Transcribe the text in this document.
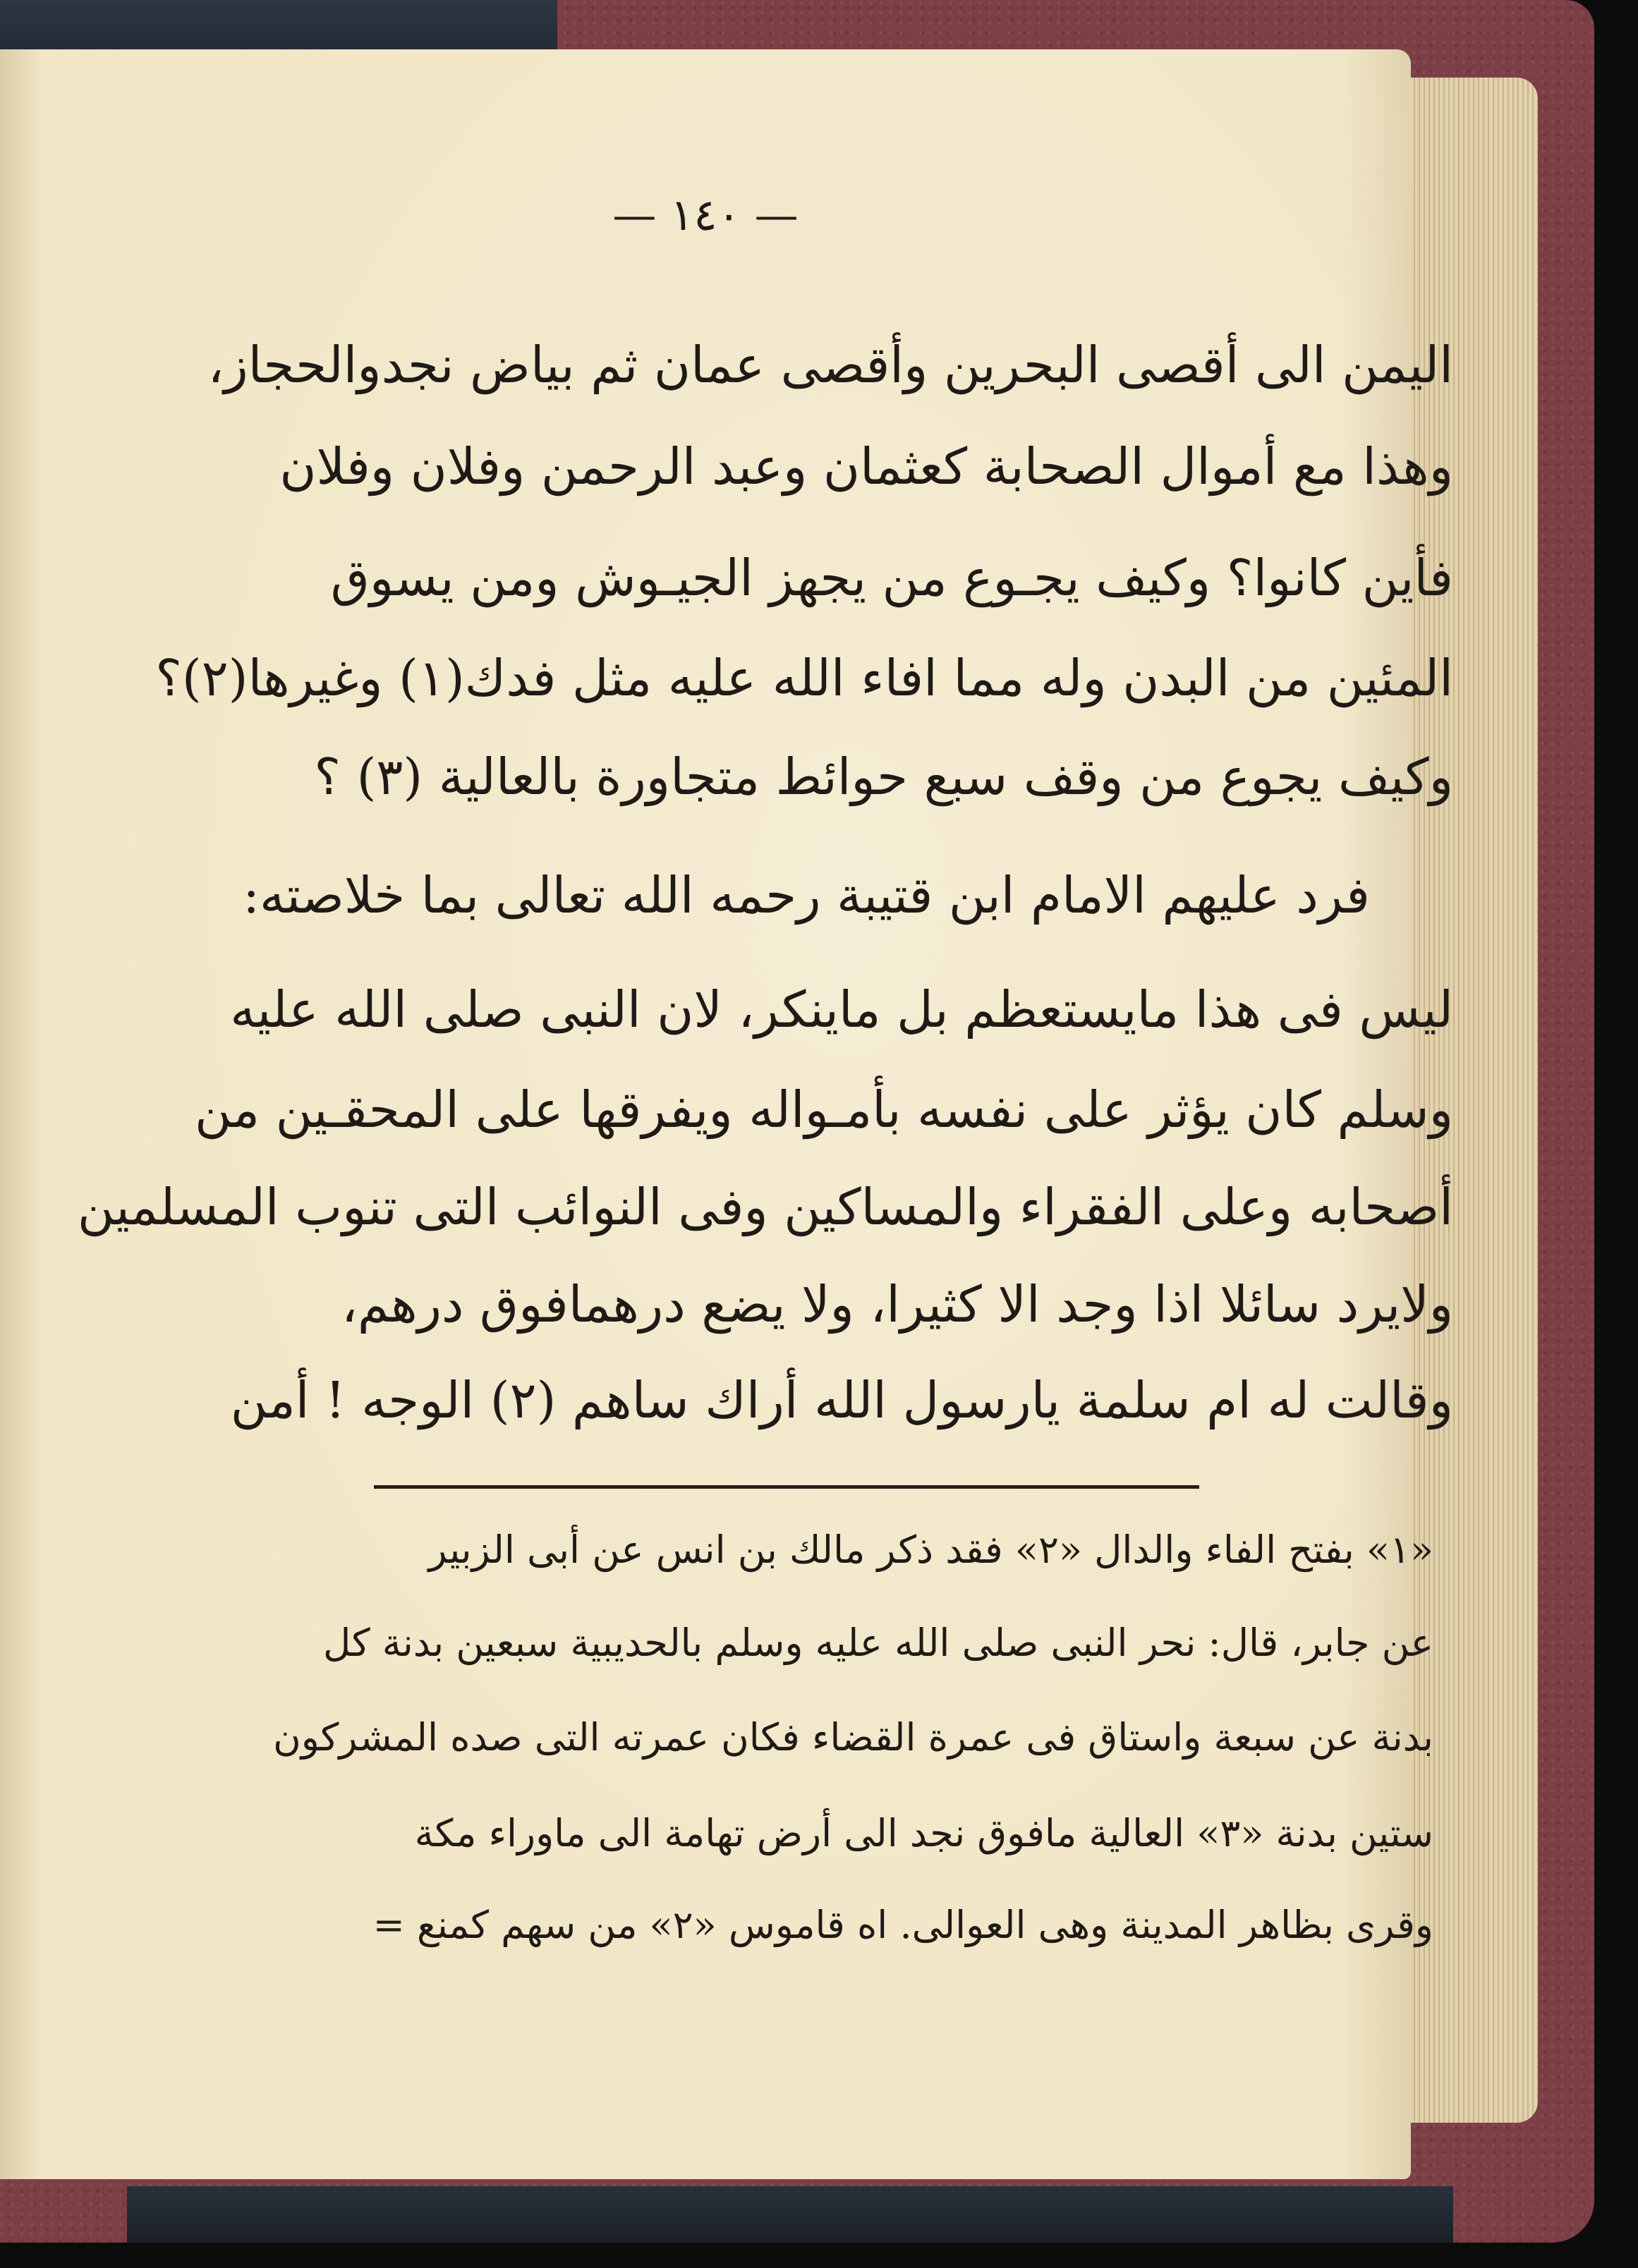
— ١٤٠ —
اليمن الى أقصى البحرين وأقصى عمان ثم بياض نجدوالحجاز،
وهذا مع أموال الصحابة كعثمان وعبد الرحمن وفلان وفلان
فأين كانوا؟ وكيف يجـوع من يجهز الجيـوش ومن يسوق
المئين من البدن وله مما افاء الله عليه مثل فدك(١) وغيرها(٢)؟
وكيف يجوع من وقف سبع حوائط متجاورة بالعالية (٣) ؟
فرد عليهم الامام ابن قتيبة رحمه الله تعالى بما خلاصته:
ليس فى هذا مايستعظم بل ماينكر، لان النبى صلى الله عليه
وسلم كان يؤثر على نفسه بأمـواله ويفرقها على المحقـين من
أصحابه وعلى الفقراء والمساكين وفى النوائب التى تنوب المسلمين
ولايرد سائلا اذا وجد الا كثيرا، ولا يضع درهمافوق درهم،
وقالت له ام سلمة يارسول الله أراك ساهم (٢) الوجه ! أمن
«١» بفتح الفاء والدال «٢» فقد ذكر مالك بن انس عن أبى الزبير
عن جابر، قال: نحر النبى صلى الله عليه وسلم بالحديبية سبعين بدنة كل
بدنة عن سبعة واستاق فى عمرة القضاء فكان عمرته التى صده المشركون
ستين بدنة «٣» العالية مافوق نجد الى أرض تهامة الى ماوراء مكة
وقرى بظاهر المدينة وهى العوالى. اه قاموس «٢» من سهم كمنع =
